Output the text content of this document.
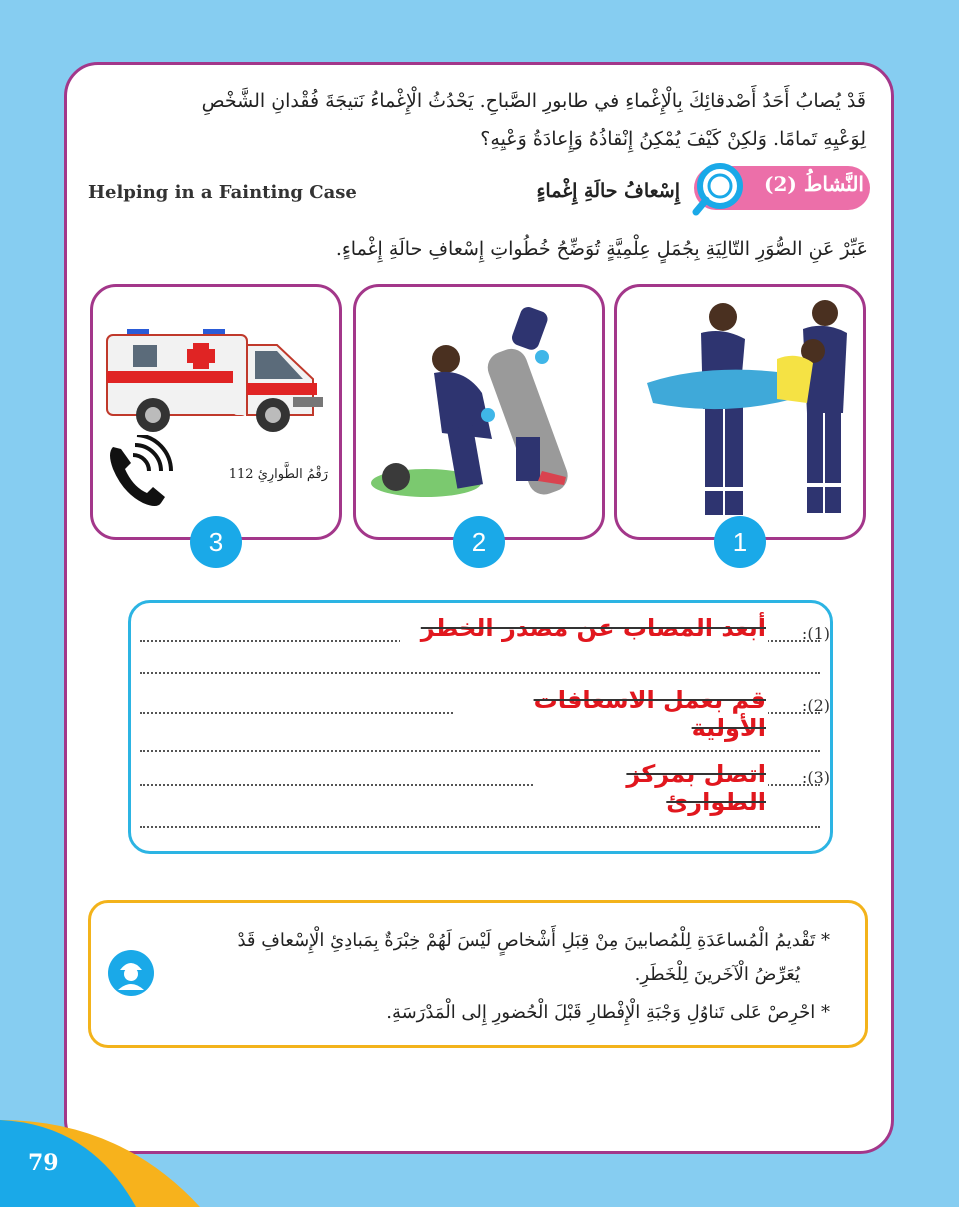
قَدْ يُصابُ أَحَدُ أَصْدقائِكَ بِالْإِغْماءِ في طابورِ الصَّباحِ. يَحْدُثُ الْإِغْماءُ نَتيجَةَ فُقْدانِ الشَّخْصِ
لِوَعْيِهِ تَمامًا. وَلكِنْ كَيْفَ يُمْكِنُ إِنْقاذُهُ وَإِعادَةُ وَعْيِهِ؟
النَّشاطُ (2)
إِسْعافُ حالَةِ إِغْماءٍ
Helping in a Fainting Case
عَبِّرْ عَنِ الصُّوَرِ التّالِيَةِ بِجُمَلٍ عِلْمِيَّةٍ تُوَضِّحُ خُطُواتِ إِسْعافِ حالَةِ إِغْماءٍ.
رَقْمُ الطَّوارِئِ 112
3	2	1
(1):
أبعد المصاب عن مصدر الخطر
(2):
قم بعمل الاسعافات الأولية
(3):
اتصل بمركز الطوارئ
* تَقْديمُ الْمُساعَدَةِ لِلْمُصابينَ مِنْ قِبَلِ أَشْخاصٍ لَيْسَ لَهُمْ خِبْرَةٌ بِمَبادِئِ الْإِسْعافِ قَدْ
يُعَرِّضُ الْآخَرينَ لِلْخَطَرِ.
* احْرِصْ عَلى تَناوُلِ وَجْبَةِ الْإِفْطارِ قَبْلَ الْحُضورِ إِلى الْمَدْرَسَةِ.
79
